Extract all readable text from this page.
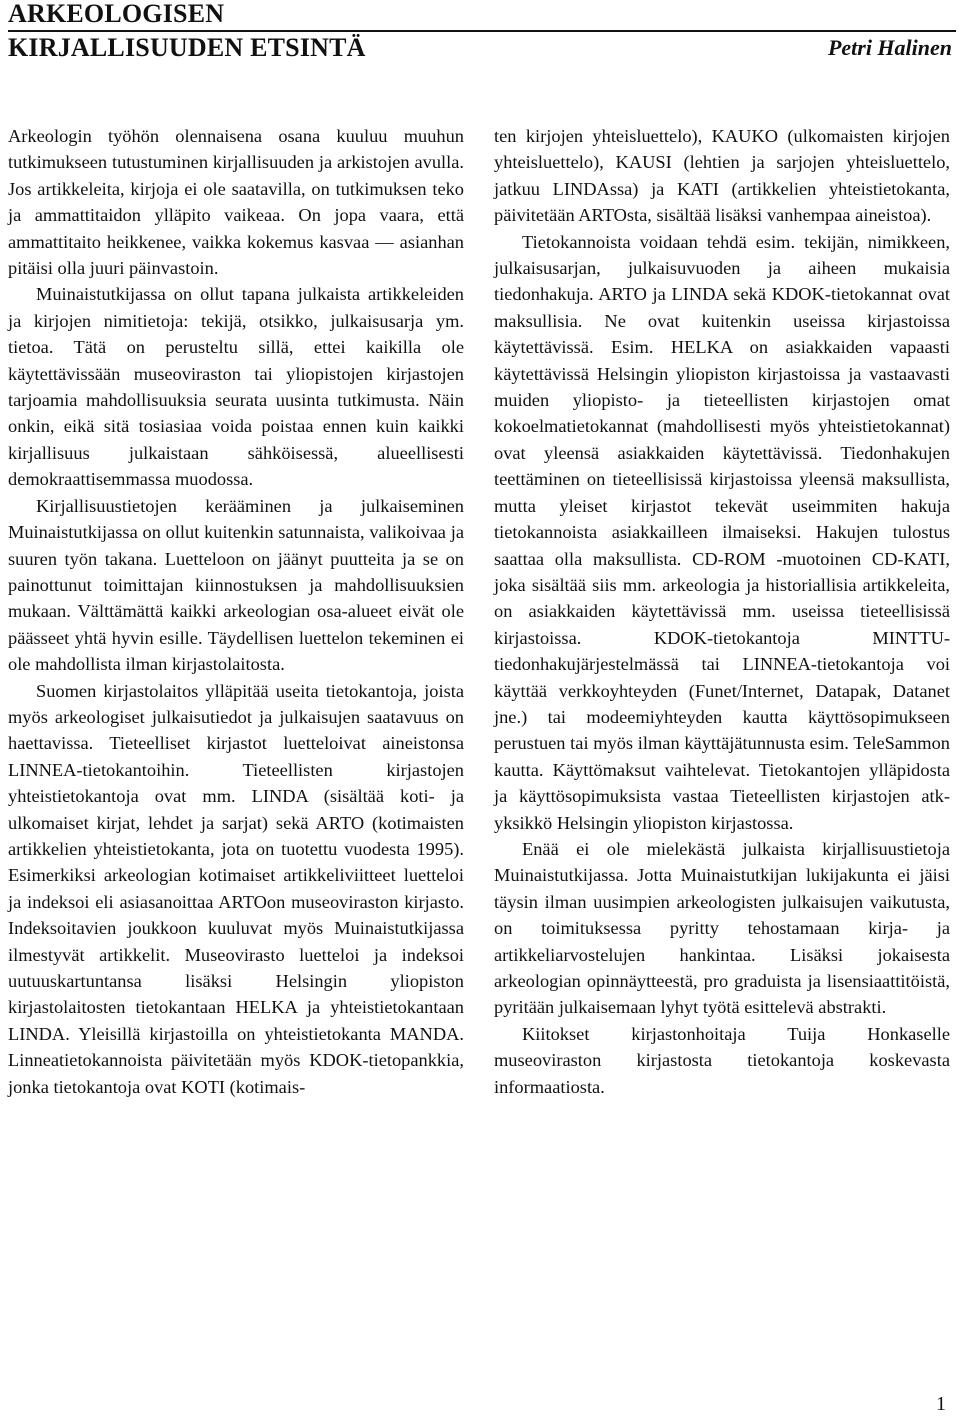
ARKEOLOGISEN
KIRJALLISUUDEN ETSINTÄ	Petri Halinen

Arkeologin työhön olennaisena osana kuuluu muuhun tutkimukseen tutustuminen kirjallisuuden ja arkistojen avulla. Jos artikkeleita, kirjoja ei ole saatavilla, on tutkimuksen teko ja ammattitaidon ylläpito vaikeaa. On jopa vaara, että ammattitaito heikkenee, vaikka kokemus kasvaa — asianhan pitäisi olla juuri päinvastoin.

Muinaistutkijassa on ollut tapana julkaista artikkeleiden ja kirjojen nimitietoja: tekijä, otsikko, julkaisusarja ym. tietoa. Tätä on perusteltu sillä, ettei kaikilla ole käytettävissään museoviraston tai yliopistojen kirjastojen tarjoamia mahdollisuuksia seurata uusinta tutkimusta. Näin onkin, eikä sitä tosiasiaa voida poistaa ennen kuin kaikki kirjallisuus julkaistaan sähköisessä, alueellisesti demokraattisemmassa muodossa.

Kirjallisuustietojen kerääminen ja julkaiseminen Muinaistutkijassa on ollut kuitenkin satunnaista, valikoivaa ja suuren työn takana. Luetteloon on jäänyt puutteita ja se on painottunut toimittajan kiinnostuksen ja mahdollisuuksien mukaan. Välttämättä kaikki arkeologian osa-alueet eivät ole päässeet yhtä hyvin esille. Täydellisen luettelon tekeminen ei ole mahdollista ilman kirjastolaitosta.

Suomen kirjastolaitos ylläpitää useita tietokantoja, joista myös arkeologiset julkaisutiedot ja julkaisujen saatavuus on haettavissa. Tieteelliset kirjastot luetteloivat aineistonsa LINNEA-tietokantoihin. Tieteellisten kirjastojen yhteistietokantoja ovat mm. LINDA (sisältää koti- ja ulkomaiset kirjat, lehdet ja sarjat) sekä ARTO (kotimaisten artikkelien yhteistietokanta, jota on tuotettu vuodesta 1995). Esimerkiksi arkeologian kotimaiset artikkeliviitteet luetteloi ja indeksoi eli asiasanoittaa ARTOon museoviraston kirjasto. Indeksoitavien joukkoon kuuluvat myös Muinaistutkijassa ilmestyvät artikkelit. Museovirasto luetteloi ja indeksoi uutuuskartuntansa lisäksi Helsingin yliopiston kirjastolaitosten tietokantaan HELKA ja yhteistietokantaan LINDA. Yleisillä kirjastoilla on yhteistietokanta MANDA. Linneatietokannoista päivitetään myös KDOK-tietopankkia, jonka tietokantoja ovat KOTI (kotimais-

ten kirjojen yhteisluettelo), KAUKO (ulkomaisten kirjojen yhteisluettelo), KAUSI (lehtien ja sarjojen yhteisluettelo, jatkuu LINDAssa) ja KATI (artikkelien yhteistietokanta, päivitetään ARTOsta, sisältää lisäksi vanhempaa aineistoa).

Tietokannoista voidaan tehdä esim. tekijän, nimikkeen, julkaisusarjan, julkaisuvuoden ja aiheen mukaisia tiedonhakuja. ARTO ja LINDA sekä KDOK-tietokannat ovat maksullisia. Ne ovat kuitenkin useissa kirjastoissa käytettävissä. Esim. HELKA on asiakkaiden vapaasti käytettävissä Helsingin yliopiston kirjastoissa ja vastaavasti muiden yliopisto- ja tieteellisten kirjastojen omat kokoelmatietokannat (mahdollisesti myös yhteistietokannat) ovat yleensä asiakkaiden käytettävissä. Tiedonhakujen teettäminen on tieteellisissä kirjastoissa yleensä maksullista, mutta yleiset kirjastot tekevät useimmiten hakuja tietokannoista asiakkailleen ilmaiseksi. Hakujen tulostus saattaa olla maksullista. CD-ROM -muotoinen CD-KATI, joka sisältää siis mm. arkeologia ja historiallisia artikkeleita, on asiakkaiden käytettävissä mm. useissa tieteellisissä kirjastoissa. KDOK-tietokantoja MINTTU-tiedonhakujärjestelmässä tai LINNEA-tietokantoja voi käyttää verkkoyhteyden (Funet/Internet, Datapak, Datanet jne.) tai modeemiyhteyden kautta käyttösopimukseen perustuen tai myös ilman käyttäjätunnusta esim. TeleSammon kautta. Käyttömaksut vaihtelevat. Tietokantojen ylläpidosta ja käyttösopimuksista vastaa Tieteellisten kirjastojen atk-yksikkö Helsingin yliopiston kirjastossa.

Enää ei ole mielekästä julkaista kirjallisuustietoja Muinaistutkijassa. Jotta Muinaistutkijan lukijakunta ei jäisi täysin ilman uusimpien arkeologisten julkaisujen vaikutusta, on toimituksessa pyritty tehostamaan kirja- ja artikkeliarvostelujen hankintaa. Lisäksi jokaisesta arkeologian opinnäytteestä, pro graduista ja lisensiaattitöistä, pyritään julkaisemaan lyhyt työtä esittelevä abstrakti.

Kiitokset kirjastonhoitaja Tuija Honkaselle museoviraston kirjastosta tietokantoja koskevasta informaatiosta.

1
